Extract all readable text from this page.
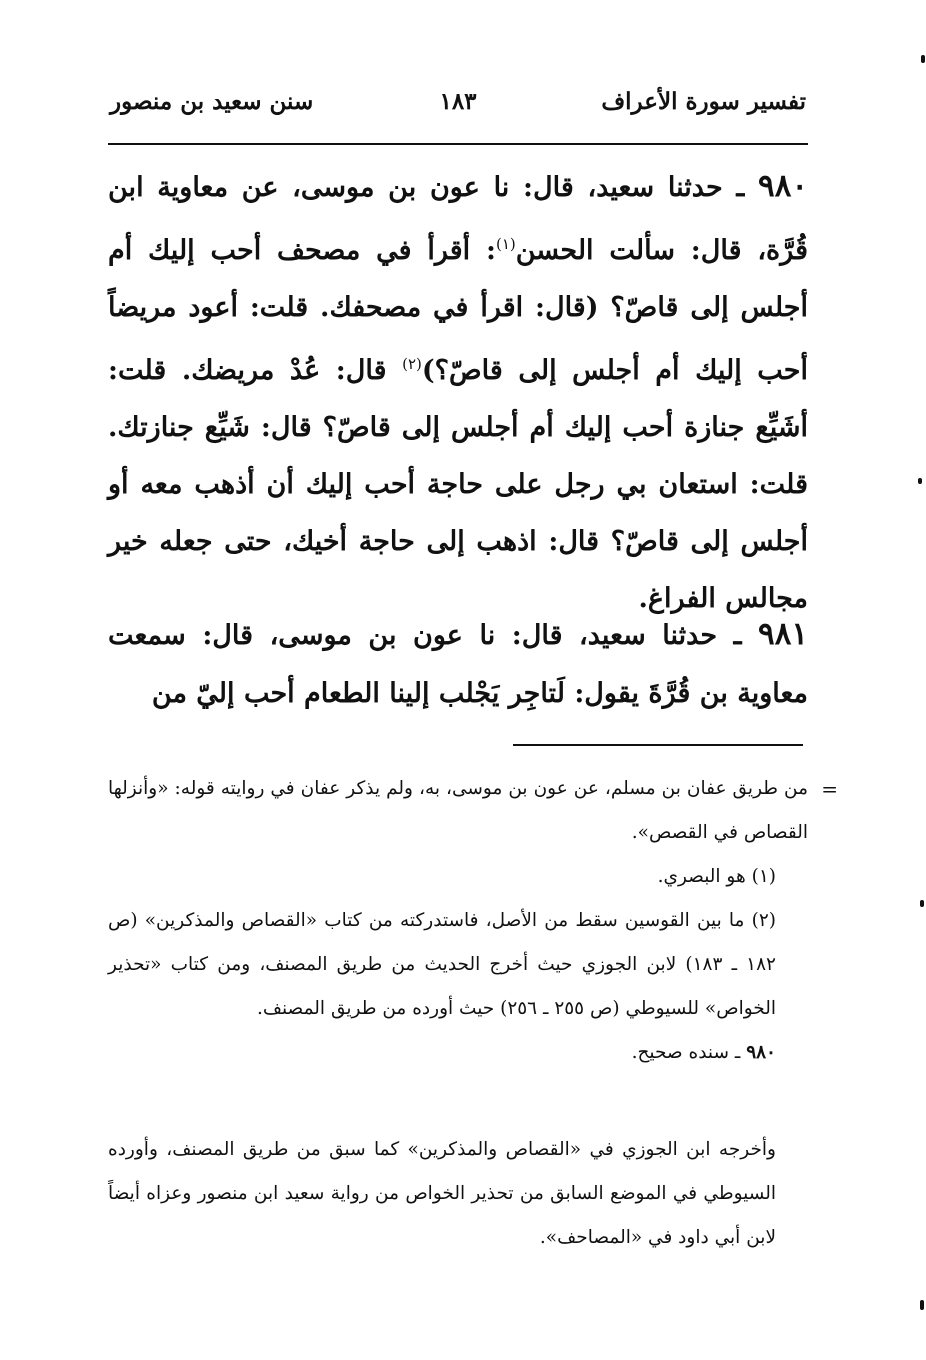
تفسير سورة الأعراف
١٨٣
سنن سعيد بن منصور

٩٨٠ ـ حدثنا سعيد، قال: نا عون بن موسى، عن معاوية ابن قُرَّة، قال: سألت الحسن$^{(١)}$: أقرأ في مصحف أحب إليك أم أجلس إلى قاصّ؟ (قال: اقرأ في مصحفك. قلت: أعود مريضاً أحب إليك أم أجلس إلى قاصّ؟)$^{(٢)}$ قال: عُدْ مريضك. قلت: أشَيِّع جنازة أحب إليك أم أجلس إلى قاصّ؟ قال: شَيِّع جنازتك. قلت: استعان بي رجل على حاجة أحب إليك أن أذهب معه أو أجلس إلى قاصّ؟ قال: اذهب إلى حاجة أخيك، حتى جعله خير مجالس الفراغ.

٩٨١ ـ حدثنا سعيد، قال: نا عون بن موسى، قال: سمعت معاوية بن قُرَّةَ يقول: لَتاجِر يَجْلب إلينا الطعام أحب إليّ من

=

من طريق عفان بن مسلم، عن عون بن موسى، به، ولم يذكر عفان في روايته قوله: «وأنزلها القصاص في القصص».

(١) هو البصري.

(٢) ما بين القوسين سقط من الأصل، فاستدركته من كتاب «القصاص والمذكرين» (ص ١٨٢ ـ ١٨٣) لابن الجوزي حيث أخرج الحديث من طريق المصنف، ومن كتاب «تحذير الخواص» للسيوطي (ص ٢٥٥ ـ ٢٥٦) حيث أورده من طريق المصنف.

٩٨٠ ـ سنده صحيح.

وأخرجه ابن الجوزي في «القصاص والمذكرين» كما سبق من طريق المصنف، وأورده السيوطي في الموضع السابق من تحذير الخواص من رواية سعيد ابن منصور وعزاه أيضاً لابن أبي داود في «المصاحف».
